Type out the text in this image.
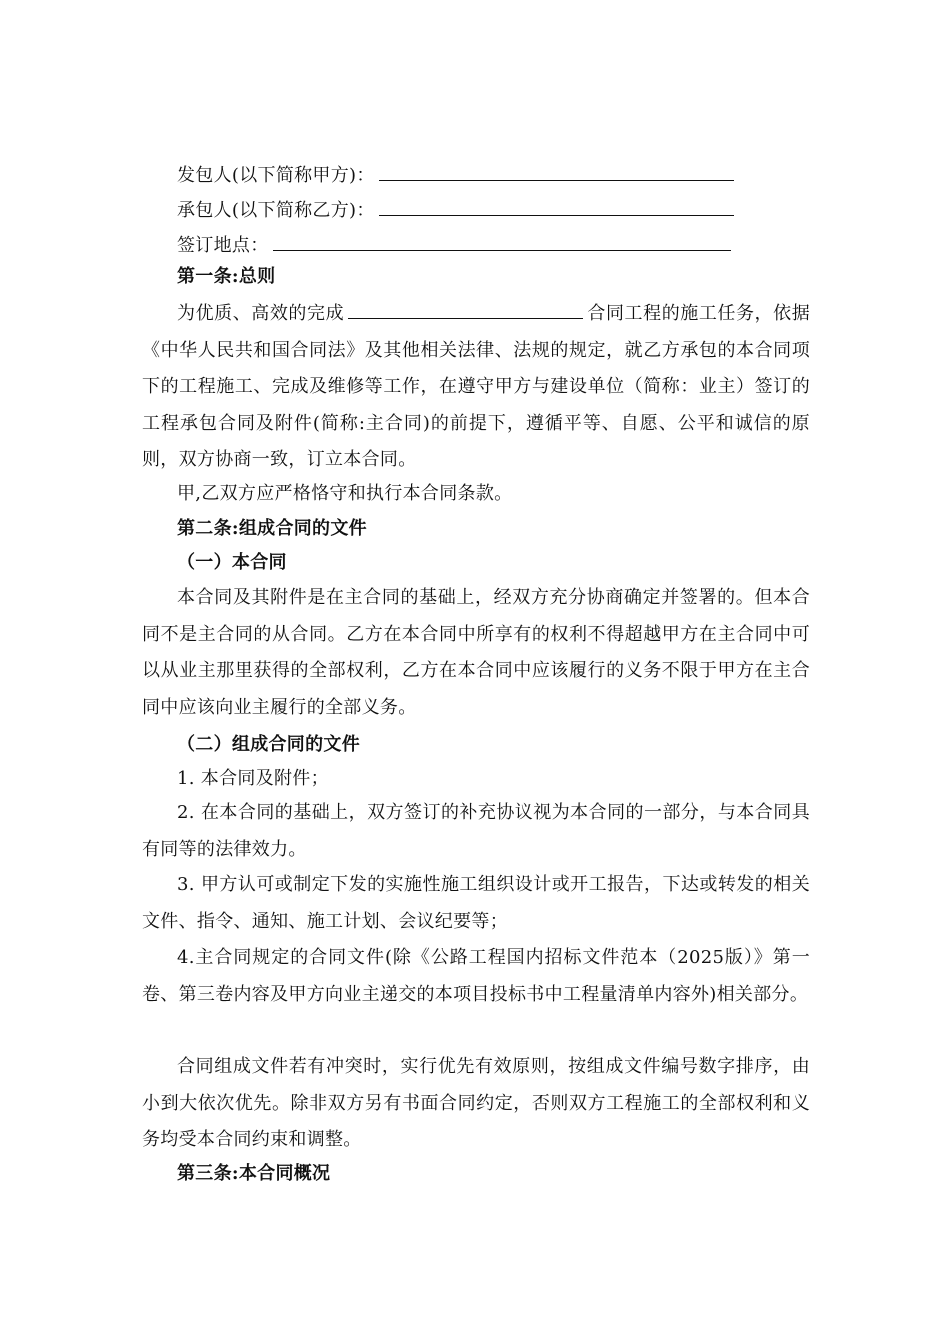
发包人(以下简称甲方)：
承包人(以下简称乙方)：
签订地点：
第一条:总则
为优质、高效的完成	合同工程的施工任务，依据《中华人民共和国合同法》及其他相关法律、法规的规定，就乙方承包的本合同项下的工程施工、完成及维修等工作，在遵守甲方与建设单位（简称：业主）签订的工程承包合同及附件(简称:主合同)的前提下，遵循平等、自愿、公平和诚信的原则，双方协商一致，订立本合同。
甲,乙双方应严格恪守和执行本合同条款。
第二条:组成合同的文件
（一）本合同
本合同及其附件是在主合同的基础上，经双方充分协商确定并签署的。但本合同不是主合同的从合同。乙方在本合同中所享有的权利不得超越甲方在主合同中可以从业主那里获得的全部权利，乙方在本合同中应该履行的义务不限于甲方在主合同中应该向业主履行的全部义务。
（二）组成合同的文件
1. 本合同及附件；
2. 在本合同的基础上，双方签订的补充协议视为本合同的一部分，与本合同具有同等的法律效力。
3. 甲方认可或制定下发的实施性施工组织设计或开工报告，下达或转发的相关文件、指令、通知、施工计划、会议纪要等；
4.主合同规定的合同文件(除《公路工程国内招标文件范本（2025版）》第一卷、第三卷内容及甲方向业主递交的本项目投标书中工程量清单内容外)相关部分。
合同组成文件若有冲突时，实行优先有效原则，按组成文件编号数字排序，由小到大依次优先。除非双方另有书面合同约定，否则双方工程施工的全部权利和义务均受本合同约束和调整。
第三条:本合同概况
